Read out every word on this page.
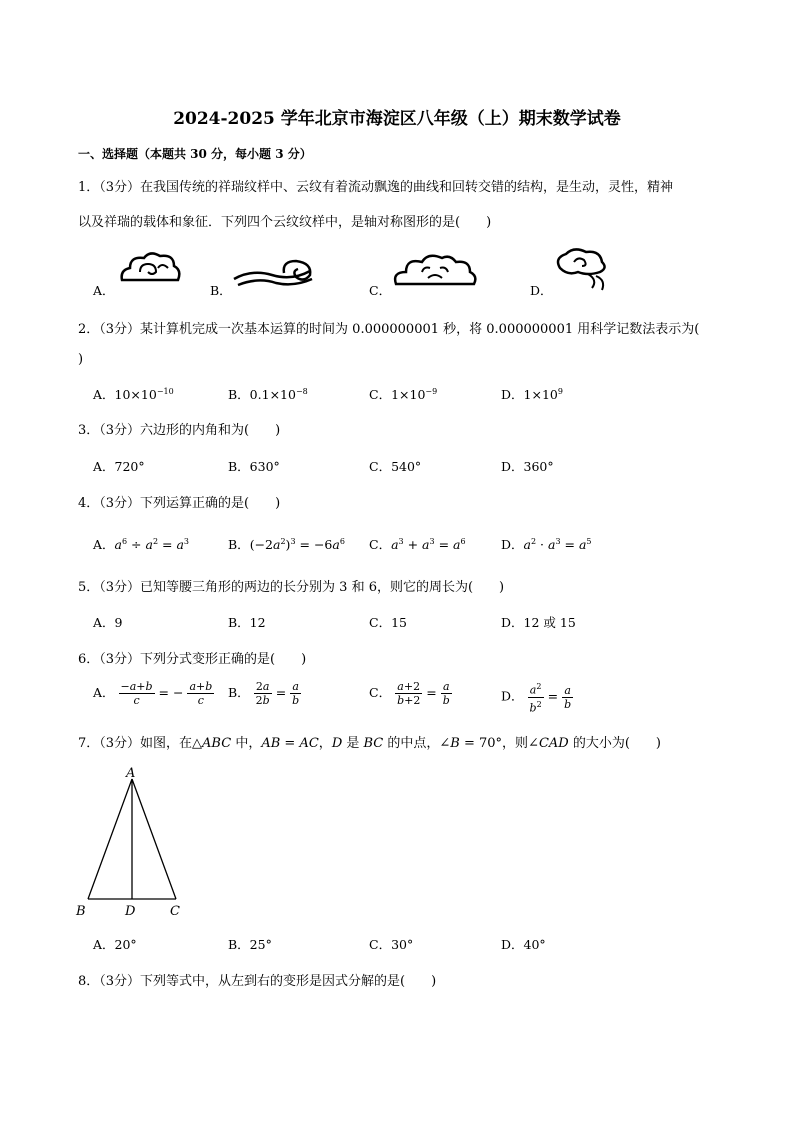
2024-2025 学年北京市海淀区八年级（上）期末数学试卷
一、选择题（本题共 30 分，每小题 3 分）
1．（3分）在我国传统的祥瑞纹样中、云纹有着流动飘逸的曲线和回转交错的结构，是生动，灵性，精神
以及祥瑞的载体和象征．下列四个云纹纹样中，是轴对称图形的是(　　)
A．	B．	C．	D．
2．（3分）某计算机完成一次基本运算的时间为 0.000000001 秒，将 0.000000001 用科学记数法表示为(
)
A．$10\times 10^{-10}$	B．$0.1\times 10^{-8}$	C．$1\times 10^{-9}$	D．$1\times 10^9$
3．（3分）六边形的内角和为(　　)
A．720°	B．630°	C．540°	D．360°
4．（3分）下列运算正确的是(　　)
A．$a^6 \div a^2 = a^3$	B．$(-2a^2)^3 = -6a^6$ C．$a^3 + a^3 = a^6$	D．$a^2 \cdot a^3 = a^5$
5．（3分）已知等腰三角形的两边的长分别为 3 和 6，则它的周长为(　　)
A．9	B．12	C．15	D．12 或 15
6．（3分）下列分式变形正确的是(　　)
A． $\frac{-a+b}{c}$ = − $\frac{a+b}{c}$ B． $\frac{2a}{2b} = \frac{a}{b}$	C． $\frac{a+2}{b+2} = \frac{a}{b}$	D． $\frac{a^2}{b^2} = \frac{a}{b}$
7．（3分）如图，在△ABC 中，AB = AC，D 是 BC 的中点，∠B = 70°，则∠CAD 的大小为(　　)
A
B	D	C
A．20°	B．25°	C．30°	D．40°
8．（3分）下列等式中，从左到右的变形是因式分解的是(　　)
